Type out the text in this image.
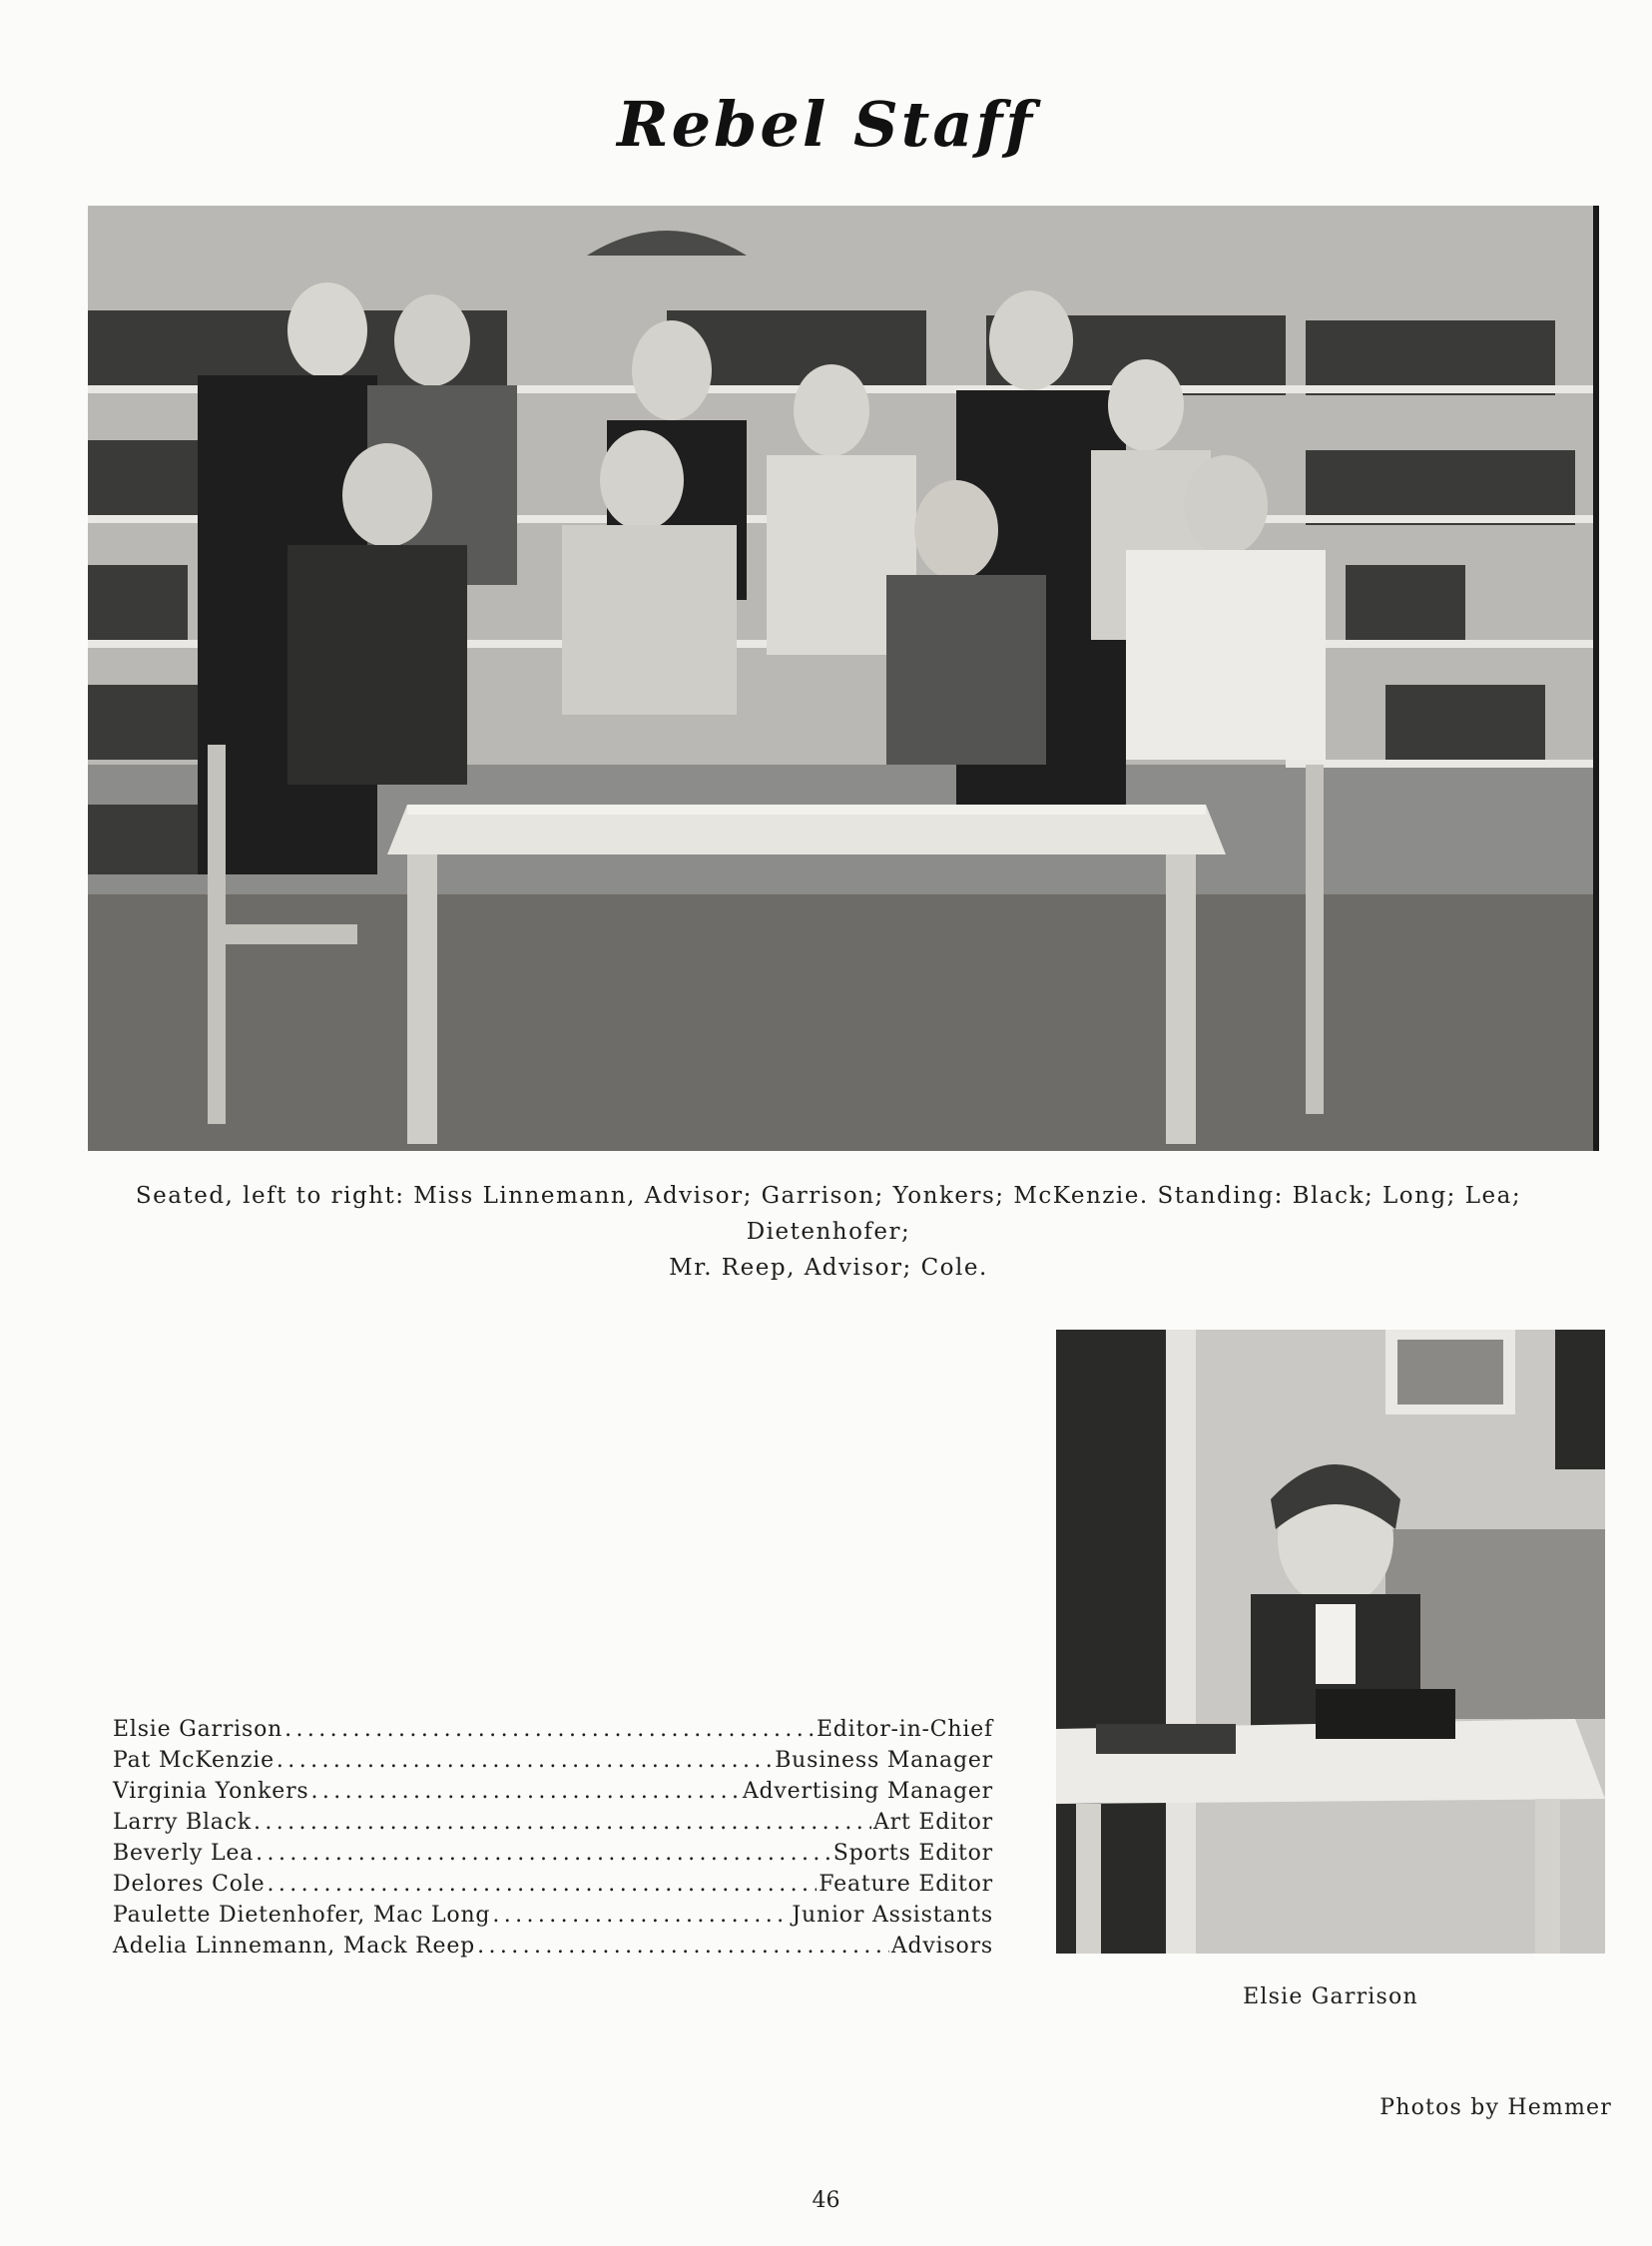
Rebel Staff
Seated, left to right: Miss Linnemann, Advisor; Garrison; Yonkers; McKenzie. Standing: Black; Long; Lea; Dietenhofer;
Mr. Reep, Advisor; Cole.
Elsie Garrison .....	Editor-in-Chief
Pat McKenzie .....	Business Manager
Virginia Yonkers .....	Advertising Manager
Larry Black .....	Art Editor
Beverly Lea .....	Sports Editor
Delores Cole .....	Feature Editor
Paulette Dietenhofer, Mac Long .....	Junior Assistants
Adelia Linnemann, Mack Reep .....	Advisors
Elsie Garrison
Photos by Hemmer
46
